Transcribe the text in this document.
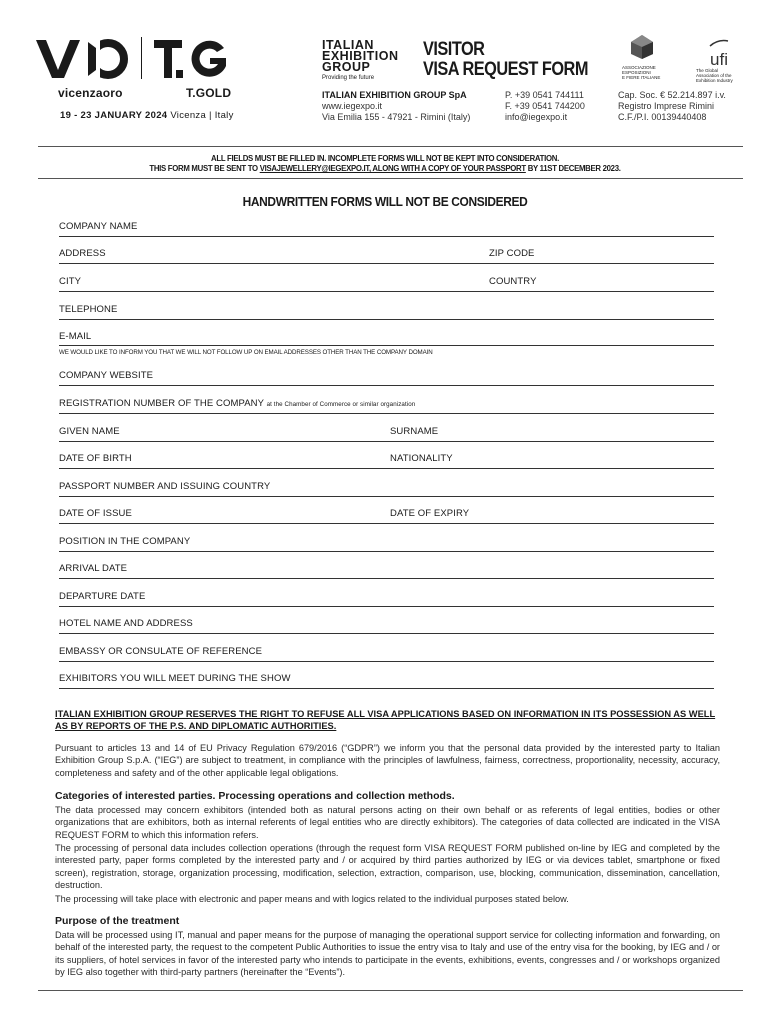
vicenzaoro	T.GOLD
19 - 23 JANUARY 2024 Vicenza | Italy
ITALIAN
EXHIBITION
GROUP
Providing the future
VISITOR
VISA REQUEST FORM	ASSOCIAZIONE
ESPOSIZIONI
E FIERE ITALIANE
ufi
The Global
Association of the
Exhibition Industry
ITALIAN EXHIBITION GROUP SpA
www.iegexpo.it
Via Emilia 155 - 47921 - Rimini (Italy)
P. +39 0541 744111
F. +39 0541 744200
info@iegexpo.it
Cap. Soc. € 52.214.897 i.v.
Registro Imprese Rimini
C.F./P.I. 00139440408
ALL FIELDS MUST BE FILLED IN. INCOMPLETE FORMS WILL NOT BE KEPT INTO CONSIDERATION.
THIS FORM MUST BE SENT TO VISAJEWELLERY@IEGEXPO.IT, ALONG WITH A COPY OF YOUR PASSPORT BY 11ST DECEMBER 2023.
HANDWRITTEN FORMS WILL NOT BE CONSIDERED
COMPANY NAME
ADDRESS	ZIP CODE
CITY	COUNTRY
TELEPHONE
E-MAIL
WE WOULD LIKE TO INFORM YOU THAT WE WILL NOT FOLLOW UP ON EMAIL ADDRESSES OTHER THAN THE COMPANY DOMAIN
COMPANY WEBSITE
REGISTRATION NUMBER OF THE COMPANY at the Chamber of Commerce or similar organization
GIVEN NAME	SURNAME
DATE OF BIRTH	NATIONALITY
PASSPORT NUMBER AND ISSUING COUNTRY
DATE OF ISSUE	DATE OF EXPIRY
POSITION IN THE COMPANY
ARRIVAL DATE
DEPARTURE DATE
HOTEL NAME AND ADDRESS
EMBASSY OR CONSULATE OF REFERENCE
EXHIBITORS YOU WILL MEET DURING THE SHOW
ITALIAN EXHIBITION GROUP RESERVES THE RIGHT TO REFUSE ALL VISA APPLICATIONS BASED ON INFORMATION IN ITS POSSESSION AS WELL AS BY REPORTS OF THE P.S. AND DIPLOMATIC AUTHORITIES.
Pursuant to articles 13 and 14 of EU Privacy Regulation 679/2016 (“GDPR”) we inform you that the personal data provided by the interested party to Italian Exhibition Group S.p.A. (“IEG”) are subject to treatment, in compliance with the principles of lawfulness, fairness, correctness, proportionality, necessity, accuracy, completeness and safety and of the other applicable legal obligations.
Categories of interested parties. Processing operations and collection methods.
The data processed may concern exhibitors (intended both as natural persons acting on their own behalf or as referents of legal entities, bodies or other organizations that are exhibitors, both as internal referents of legal entities who are directly exhibitors). The categories of data collected are indicated in the VISA REQUEST FORM to which this information refers.
The processing of personal data includes collection operations (through the request form VISA REQUEST FORM published on-line by IEG and completed by the interested party, paper forms completed by the interested party and / or acquired by third parties authorized by IEG or via devices tablet, smartphone or fixed screen), registration, storage, organization processing, modification, selection, extraction, comparison, use, blocking, communication, dissemination, cancellation, destruction.
The processing will take place with electronic and paper means and with logics related to the individual purposes stated below.
Purpose of the treatment
Data will be processed using IT, manual and paper means for the purpose of managing the operational support service for collecting information and forwarding, on behalf of the interested party, the request to the competent Public Authorities to issue the entry visa to Italy and use of the entry visa for the booking, by IEG and / or its suppliers, of hotel services in favor of the interested party who intends to participate in the events, exhibitions, events, congresses and / or workshops organized by IEG also together with third-party partners (hereinafter the “Events”).
